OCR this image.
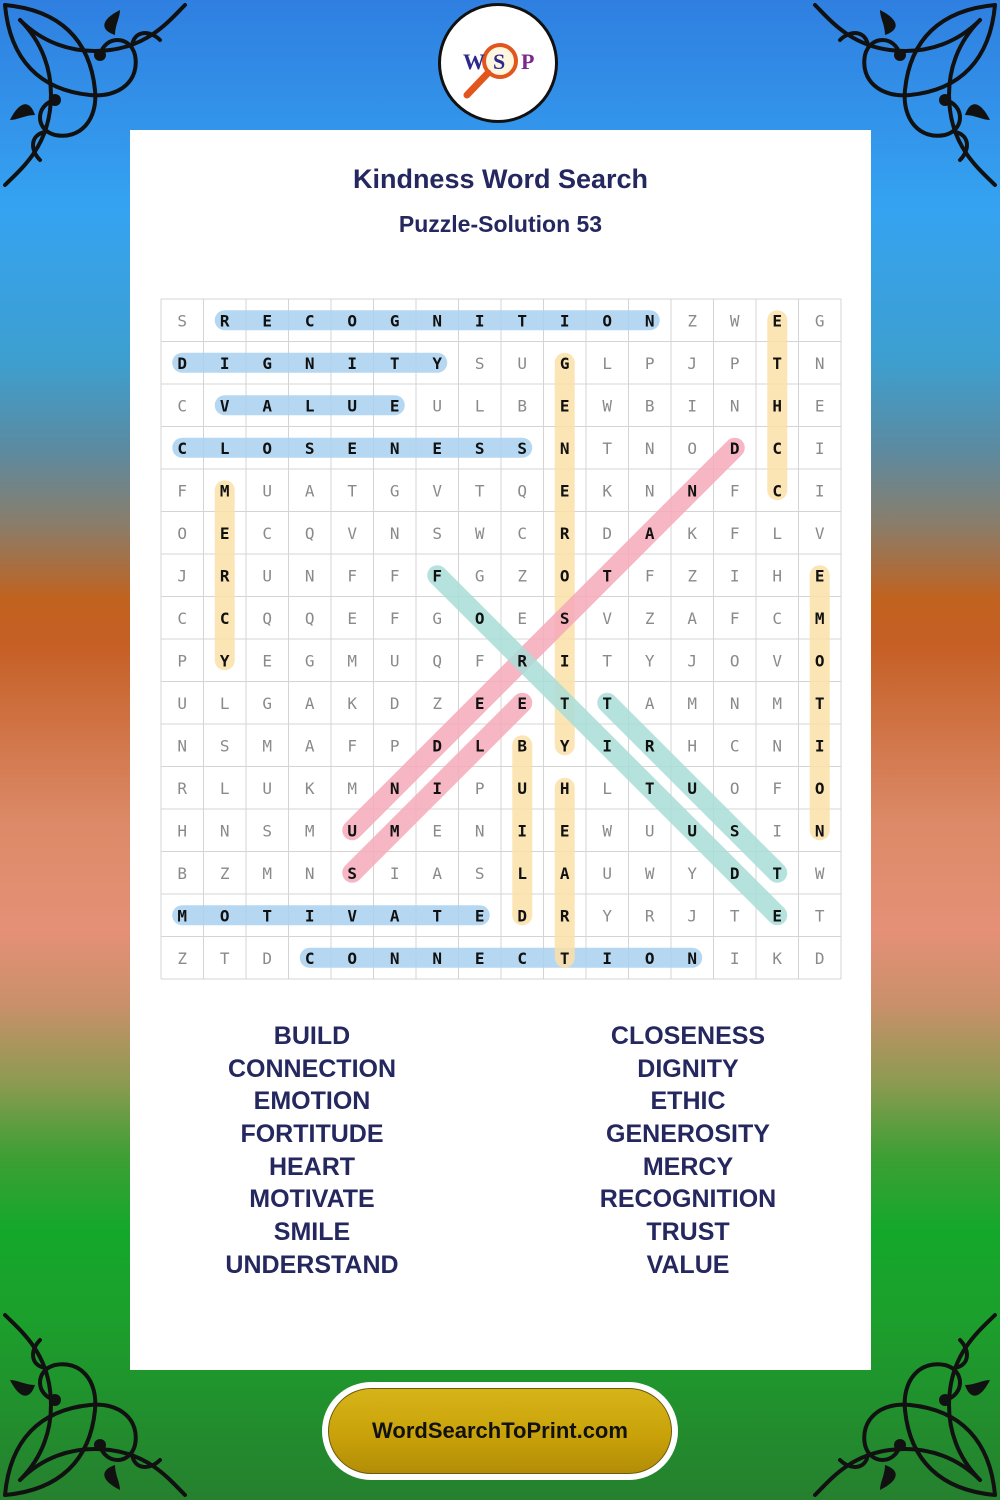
W S P
Kindness Word Search
Puzzle-Solution 53
S R E C O G N I T I O N Z W E G
D I G N I T Y S U G L P J P T N
C V A L U E U L B E W B I N H E
C L O S E N E S S N T N O D C I
F M U A T G V T Q E K N N F C I
O E C Q V N S W C R D A K F L V
J R U N F F F G Z O T F Z I H E
C C Q Q E F G O E S V Z A F C M
P Y E G M U Q F R I T Y J O V O
U L G A K D Z E E T T A M N M T
N S M A F P D L B Y I R H C N I
R L U K M N I P U H L T U O F O
H N S M U M E N I E W U U S I N
B Z M N S I A S L A U W Y D T W
M O T I V A T E D R Y R J T E T
Z T D C O N N E C T I O N I K D
BUILD
CONNECTION
EMOTION
FORTITUDE
HEART
MOTIVATE
SMILE
UNDERSTAND
CLOSENESS
DIGNITY
ETHIC
GENEROSITY
MERCY
RECOGNITION
TRUST
VALUE
WordSearchToPrint.com
